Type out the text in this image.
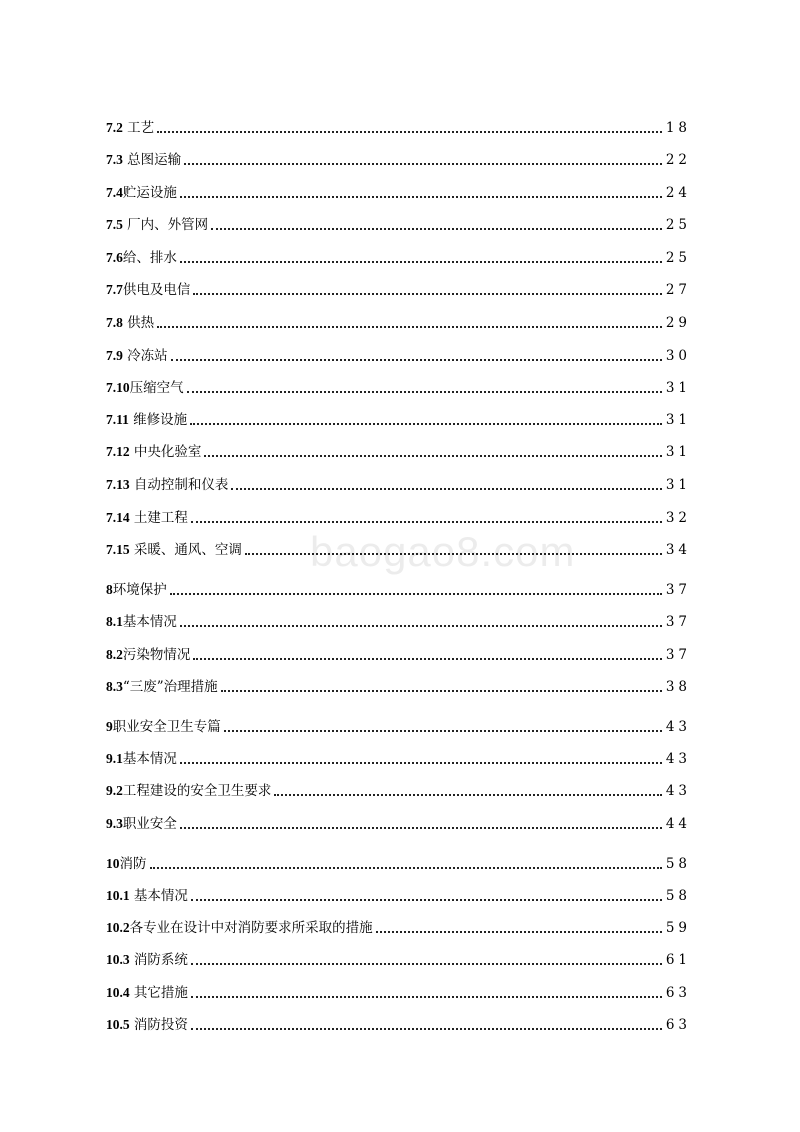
baogao8.com
7.2 工艺	18
7.3 总图运输	22
7.4 贮运设施	24
7.5 厂内、外管网	25
7.6 给、排水	25
7.7 供电及电信	27
7.8 供热	29
7.9 冷冻站	30
7.10 压缩空气	31
7.11 维修设施	31
7.12 中央化验室	31
7.13 自动控制和仪表	31
7.14 土建工程	32
7.15 采暖、通风、空调	34
8 环境保护	37
8.1 基本情况	37
8.2 污染物情况	37
8.3 “三废”治理措施	38
9 职业安全卫生专篇	43
9.1 基本情况	43
9.2 工程建设的安全卫生要求	43
9.3 职业安全	44
10 消防	58
10.1 基本情况	58
10.2 各专业在设计中对消防要求所采取的措施	59
10.3 消防系统	61
10.4 其它措施	63
10.5 消防投资	63
